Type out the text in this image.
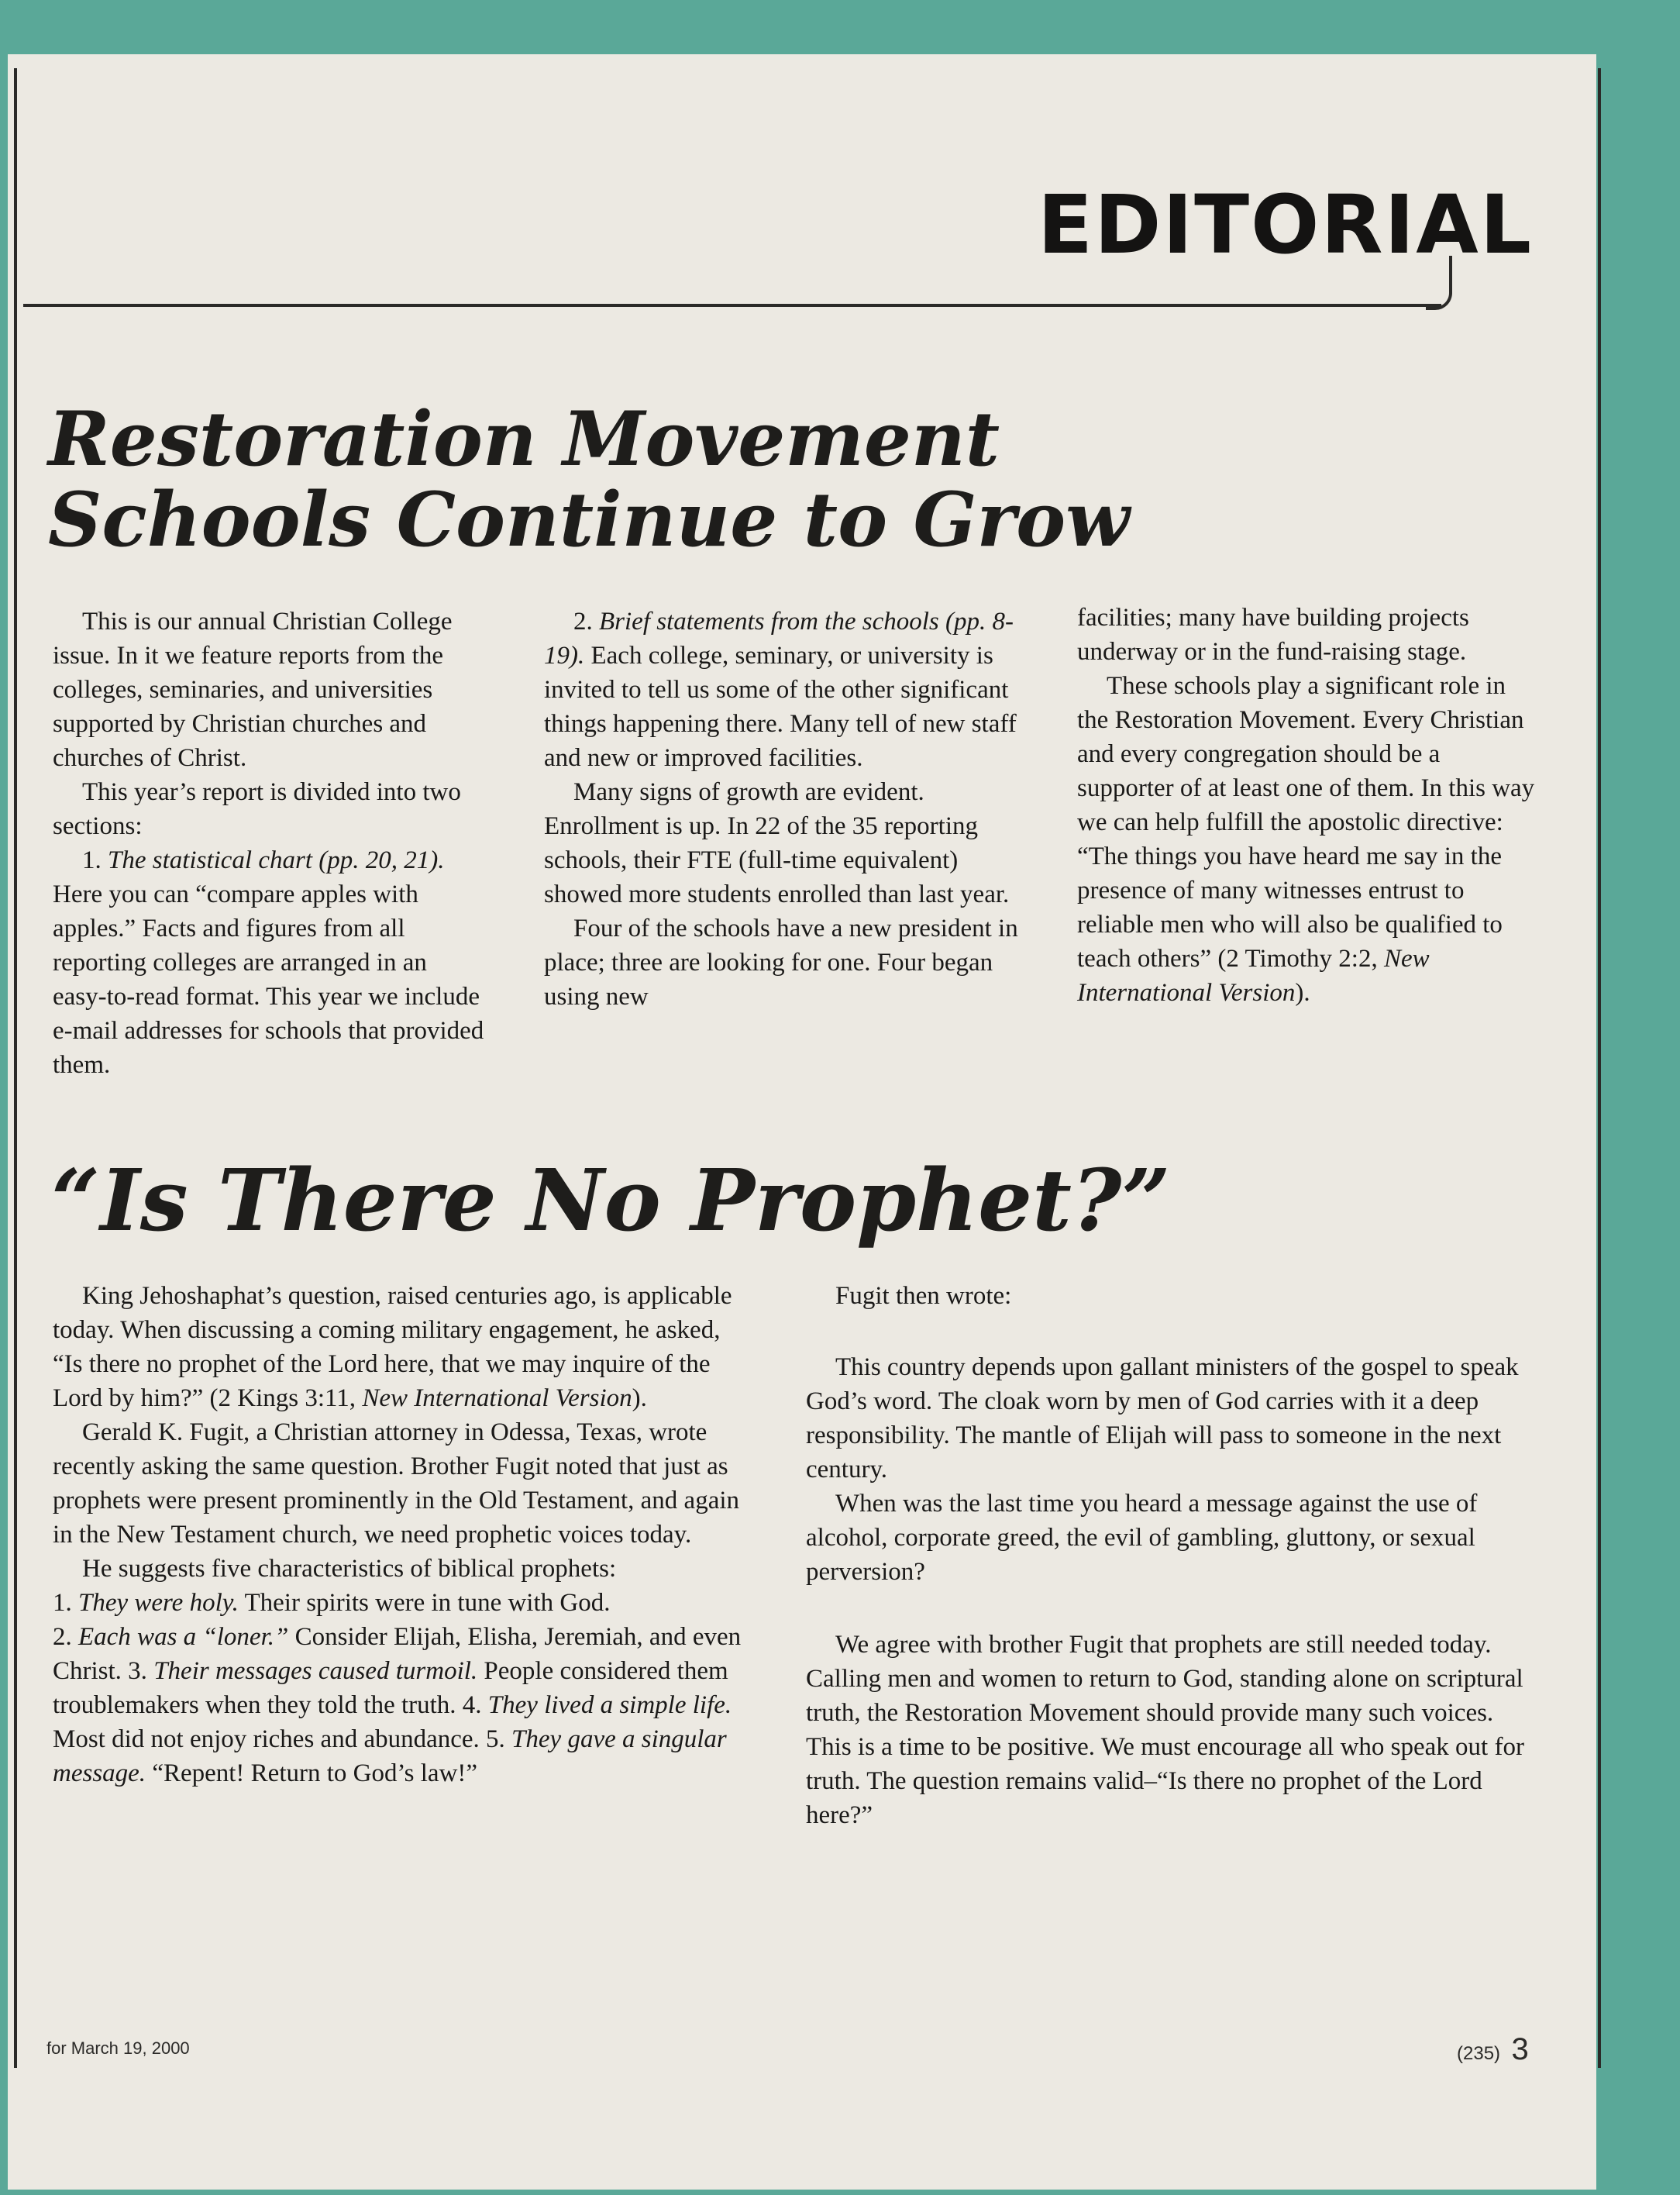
EDITORIAL
Restoration Movement
Schools Continue to Grow

This is our annual Christian College issue. In it we feature reports from the colleges, seminaries, and universities supported by Christian churches and churches of Christ.

This year’s report is divided into two sections:

1. The statistical chart (pp. 20, 21). Here you can “compare apples with apples.” Facts and figures from all reporting colleges are arranged in an easy-to-read format. This year we include e-mail addresses for schools that provided them.

2. Brief statements from the schools (pp. 8-19). Each college, seminary, or university is invited to tell us some of the other significant things happening there. Many tell of new staff and new or improved facilities.

Many signs of growth are evident. Enrollment is up. In 22 of the 35 reporting schools, their FTE (full-time equivalent) showed more students enrolled than last year.

Four of the schools have a new president in place; three are looking for one. Four began using new

facilities; many have building projects underway or in the fund-raising stage.

These schools play a significant role in the Restoration Movement. Every Christian and every congregation should be a supporter of at least one of them. In this way we can help fulfill the apostolic directive: “The things you have heard me say in the presence of many witnesses entrust to reliable men who will also be qualified to teach others” (2 Timothy 2:2, New International Version).

“Is There No Prophet?”

King Jehoshaphat’s question, raised centuries ago, is applicable today. When discussing a coming military engagement, he asked, “Is there no prophet of the Lord here, that we may inquire of the Lord by him?” (2 Kings 3:11, New International Version).

Gerald K. Fugit, a Christian attorney in Odessa, Texas, wrote recently asking the same question. Brother Fugit noted that just as prophets were present prominently in the Old Testament, and again in the New Testament church, we need prophetic voices today.

He suggests five characteristics of biblical prophets:

1. They were holy. Their spirits were in tune with God.
2. Each was a “loner.” Consider Elijah, Elisha, Jeremiah, and even Christ. 3. Their messages caused turmoil. People considered them troublemakers when they told the truth. 4. They lived a simple life. Most did not enjoy riches and abundance. 5. They gave a singular message. “Repent! Return to God’s law!”

Fugit then wrote:

This country depends upon gallant ministers of the gospel to speak God’s word. The cloak worn by men of God carries with it a deep responsibility. The mantle of Elijah will pass to someone in the next century.

When was the last time you heard a message against the use of alcohol, corporate greed, the evil of gambling, gluttony, or sexual perversion?

We agree with brother Fugit that prophets are still needed today. Calling men and women to return to God, standing alone on scriptural truth, the Restoration Movement should provide many such voices. This is a time to be positive. We must encourage all who speak out for truth. The question remains valid–“Is there no prophet of the Lord here?”

for March 19, 2000	(235) 3
